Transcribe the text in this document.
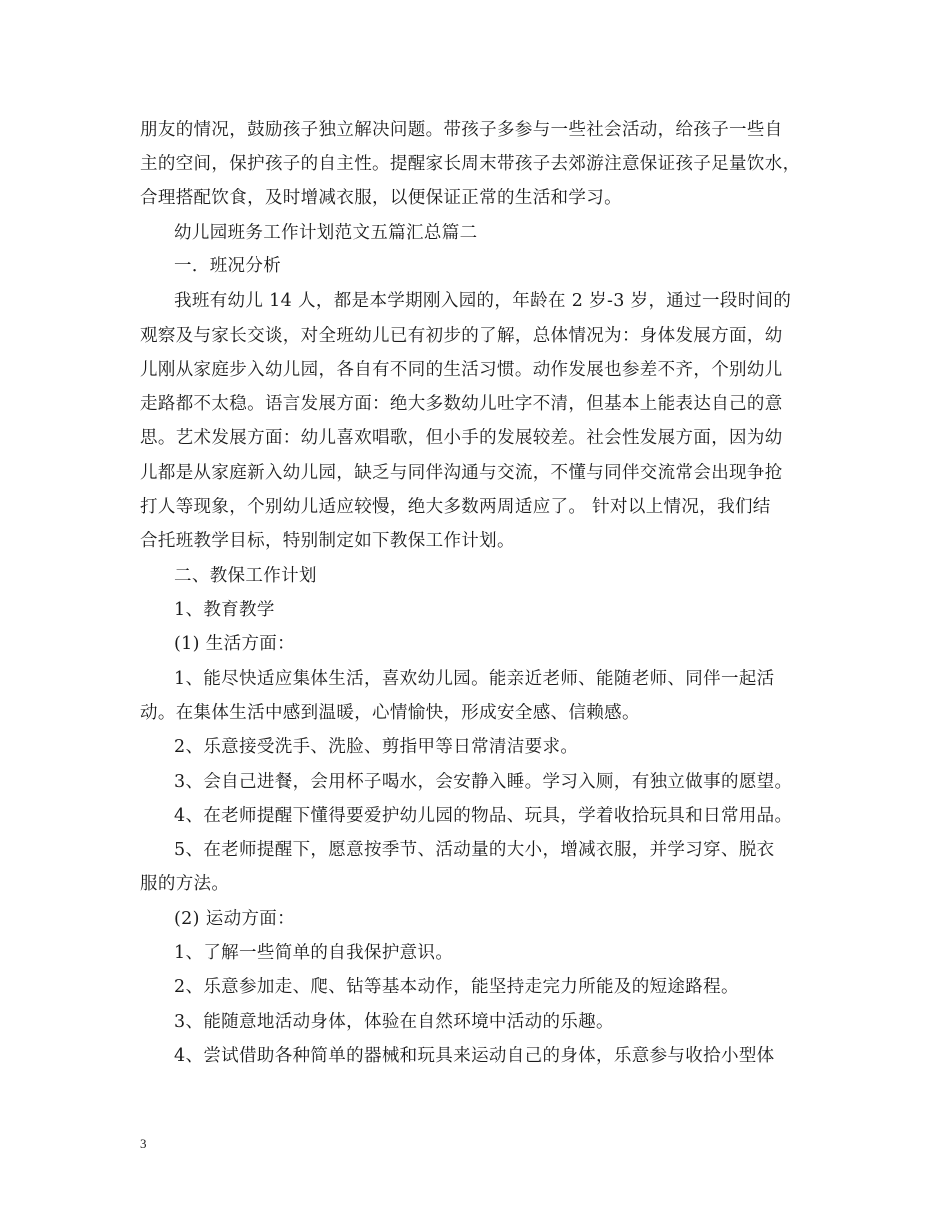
朋友的情况，鼓励孩子独立解决问题。带孩子多参与一些社会活动，给孩子一些自
主的空间，保护孩子的自主性。提醒家长周末带孩子去郊游注意保证孩子足量饮水，
合理搭配饮食，及时增减衣服，以便保证正常的生活和学习。
幼儿园班务工作计划范文五篇汇总篇二
一．班况分析
我班有幼儿 14 人，都是本学期刚入园的，年龄在 2 岁-3 岁，通过一段时间的
观察及与家长交谈，对全班幼儿已有初步的了解，总体情况为：身体发展方面，幼
儿刚从家庭步入幼儿园，各自有不同的生活习惯。动作发展也参差不齐，个别幼儿
走路都不太稳。语言发展方面：绝大多数幼儿吐字不清，但基本上能表达自己的意
思。艺术发展方面：幼儿喜欢唱歌，但小手的发展较差。社会性发展方面，因为幼
儿都是从家庭新入幼儿园，缺乏与同伴沟通与交流，不懂与同伴交流常会出现争抢
打人等现象，个别幼儿适应较慢，绝大多数两周适应了。 针对以上情况，我们结
合托班教学目标，特别制定如下教保工作计划。
二、教保工作计划
1、教育教学
(1) 生活方面：
1、能尽快适应集体生活，喜欢幼儿园。能亲近老师、能随老师、同伴一起活
动。在集体生活中感到温暖，心情愉快，形成安全感、信赖感。
2、乐意接受洗手、洗脸、剪指甲等日常清洁要求。
3、会自己进餐，会用杯子喝水，会安静入睡。学习入厕，有独立做事的愿望。
4、在老师提醒下懂得要爱护幼儿园的物品、玩具，学着收拾玩具和日常用品。
5、在老师提醒下，愿意按季节、活动量的大小，增减衣服，并学习穿、脱衣
服的方法。
(2) 运动方面：
1、了解一些简单的自我保护意识。
2、乐意参加走、爬、钻等基本动作，能坚持走完力所能及的短途路程。
3、能随意地活动身体，体验在自然环境中活动的乐趣。
4、尝试借助各种简单的器械和玩具来运动自己的身体，乐意参与收拾小型体
3
